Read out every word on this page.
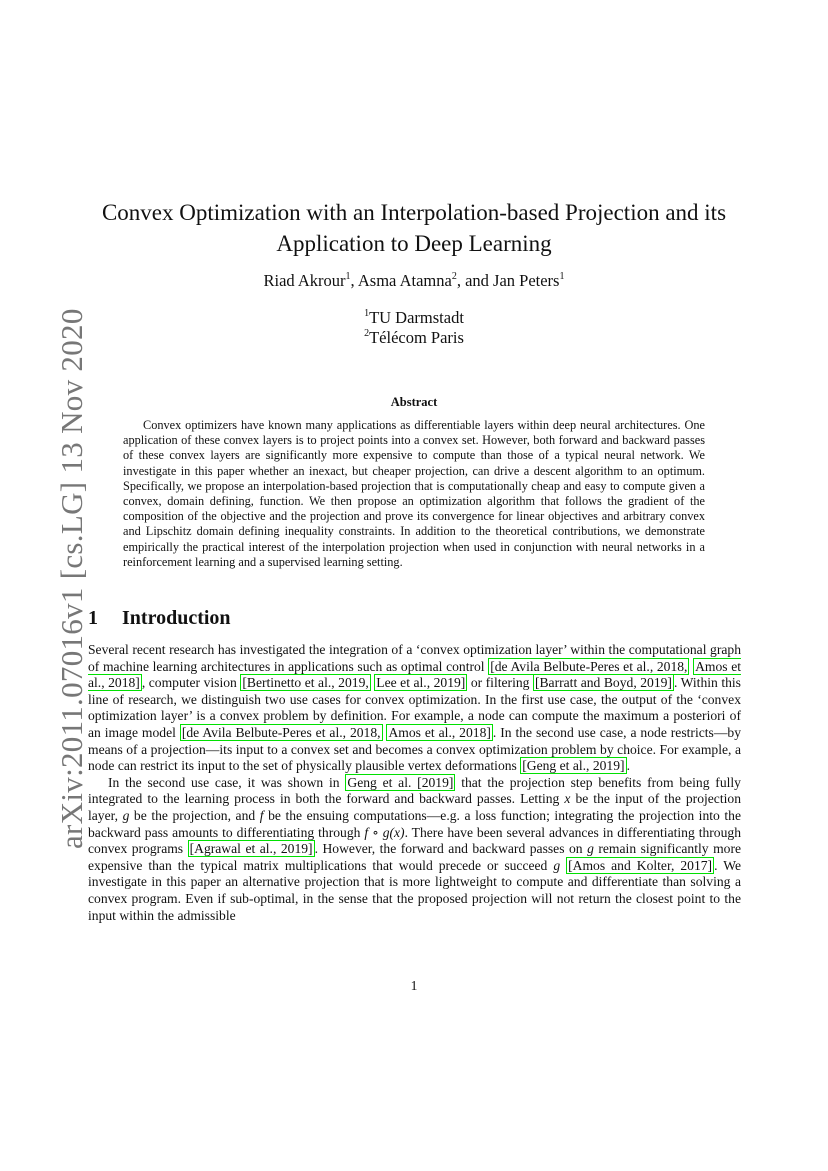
arXiv:2011.07016v1 [cs.LG] 13 Nov 2020
Convex Optimization with an Interpolation-based Projection and its Application to Deep Learning
Riad Akrour$^1$, Asma Atamna$^2$, and Jan Peters$^1$
$^1$TU Darmstadt
$^2$Télécom Paris
Abstract
Convex optimizers have known many applications as differentiable layers within deep neural architectures. One application of these convex layers is to project points into a convex set. However, both forward and backward passes of these convex layers are significantly more expensive to compute than those of a typical neural network. We investigate in this paper whether an inexact, but cheaper projection, can drive a descent algorithm to an optimum. Specifically, we propose an interpolation-based projection that is computationally cheap and easy to compute given a convex, domain defining, function. We then propose an optimization algorithm that follows the gradient of the composition of the objective and the projection and prove its convergence for linear objectives and arbitrary convex and Lipschitz domain defining inequality constraints. In addition to the theoretical contributions, we demonstrate empirically the practical interest of the interpolation projection when used in conjunction with neural networks in a reinforcement learning and a supervised learning setting.
1 Introduction

Several recent research has investigated the integration of a ‘convex optimization layer’ within the computational graph of machine learning architectures in applications such as optimal control [de Avila Belbute-Peres et al., 2018, Amos et al., 2018] , computer vision [Bertinetto et al., 2019, Lee et al., 2019] or filtering [Barratt and Boyd, 2019] . Within this line of research, we distinguish two use cases for convex optimization. In the first use case, the output of the ‘convex optimization layer’ is a convex problem by definition. For example, a node can compute the maximum a posteriori of an image model [de Avila Belbute-Peres et al., 2018, Amos et al., 2018] . In the second use case, a node restricts—by means of a projection—its input to a convex set and becomes a convex optimization problem by choice. For example, a node can restrict its input to the set of physically plausible vertex deformations [Geng et al., 2019] .

In the second use case, it was shown in Geng et al. [2019] that the projection step benefits from being fully integrated to the learning process in both the forward and backward passes. Letting x be the input of the projection layer, g be the projection, and f be the ensuing computations—e.g. a loss function; integrating the projection into the backward pass amounts to differentiating through f ∘ g(x). There have been several advances in differentiating through convex programs [Agrawal et al., 2019] . However, the forward and backward passes on g remain significantly more expensive than the typical matrix multiplications that would precede or succeed g [Amos and Kolter, 2017] . We investigate in this paper an alternative projection that is more lightweight to compute and differentiate than solving a convex program. Even if sub-optimal, in the sense that the proposed projection will not return the closest point to the input within the admissible

1
